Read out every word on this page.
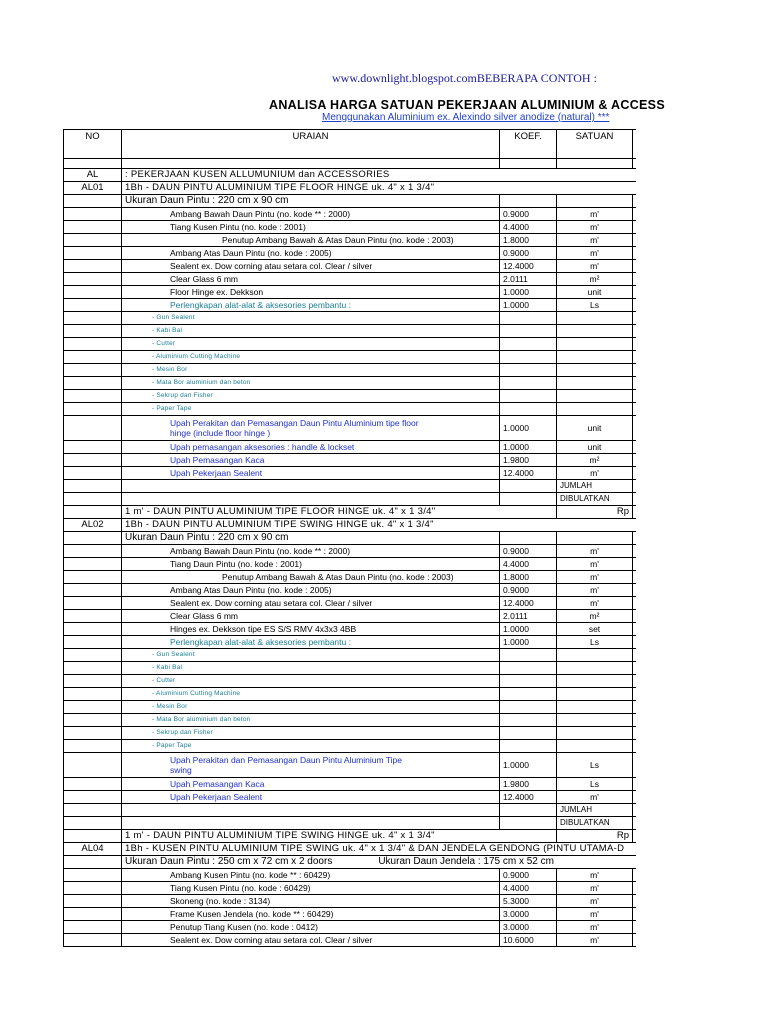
www.downlight.blogspot.comBEBERAPA CONTOH :
ANALISA HARGA SATUAN PEKERJAAN ALUMINIUM & ACCESS
Menggunakan Aluminium ex. Alexindo silver anodize (natural) ***
NO	URAIAN	KOEF.	SATUAN	

AL	: PEKERJAAN KUSEN ALLUMUNIUM dan ACCESSORIES			
AL01	1Bh - DAUN PINTU ALUMINIUM TIPE FLOOR HINGE uk. 4" x 1 3/4"			
	Ukuran Daun Pintu : 220 cm x 90 cm			
	Ambang Bawah Daun Pintu (no. kode ** : 2000)	0.9000	m'	
	Tiang Kusen Pintu (no. kode : 2001)	4.4000	m'	
	Penutup Ambang Bawah & Atas Daun Pintu (no. kode : 2003)	1.8000	m'	
	Ambang Atas Daun Pintu (no. kode : 2005)	0.9000	m'	
	Sealent ex. Dow corning atau setara col. Clear / silver	12.4000	m'	
	Clear Glass 6 mm	2.0111	m²	
	Floor Hinge ex. Dekkson	1.0000	unit	
	Perlengkapan alat-alat & aksesories pembantu :	1.0000	Ls	
	- Gun Sealent			
	- Kabi Bal			
	- Cutter			
	- Aluminium Cutting Machine			
	- Mesin Bor			
	- Mata Bor aluminium dan beton			
	- Sekrup dan Fisher			
	- Paper Tape			

	Upah Perakitan dan Pemasangan Daun Pintu Aluminium tipe floor
hinge (include floor hinge )	1.0000	unit	

	Upah pemasangan aksesories : handle & lockset	1.0000	unit	

	Upah Pemasangan Kaca	1.9800	m²	

	Upah Pekerjaan Sealent	12.4000	m'	
			JUMLAH	
			DIBULATKAN	
	1 m' - DAUN PINTU ALUMINIUM TIPE FLOOR HINGE uk. 4" x 1 3/4"		Rp	
AL02	1Bh - DAUN PINTU ALUMINIUM TIPE SWING HINGE uk. 4" x 1 3/4"			
	Ukuran Daun Pintu : 220 cm x 90 cm			
	Ambang Bawah Daun Pintu (no. kode ** : 2000)	0.9000	m'	
	Tiang Daun Pintu (no. kode : 2001)	4.4000	m'	
	Penutup Ambang Bawah & Atas Daun Pintu (no. kode : 2003)	1.8000	m'	
	Ambang Atas Daun Pintu (no. kode : 2005)	0.9000	m'	
	Sealent ex. Dow corning atau setara col. Clear / silver	12.4000	m'	
	Clear Glass 6 mm	2.0111	m²	
	Hinges ex. Dekkson tipe ES S/S RMV 4x3x3 4BB	1.0000	set	
	Perlengkapan alat-alat & aksesories pembantu :	1.0000	Ls	
	- Gun Sealent			
	- Kabi Bal			
	- Cutter			
	- Aluminium Cutting Machine			
	- Mesin Bor			
	- Mata Bor aluminium dan beton			
	- Sekrup dan Fisher			
	- Paper Tape			

	Upah Perakitan dan Pemasangan Daun Pintu Aluminium Tipe
swing	1.0000	Ls	

	Upah Pemasangan Kaca	1.9800	Ls	

	Upah Pekerjaan Sealent	12.4000	m'	
			JUMLAH	
			DIBULATKAN	
	1 m' - DAUN PINTU ALUMINIUM TIPE SWING HINGE uk. 4" x 1 3/4"		Rp	
AL04	1Bh - KUSEN PINTU ALUMINIUM TIPE SWING uk. 4" x 1 3/4" & DAN JENDELA GENDONG (PINTU UTAMA-D			
	Ukuran Daun Pintu : 250 cm x 72 cm x 2 doors Ukuran Daun Jendela : 175 cm x 52 cm			
	Ambang Kusen Pintu (no. kode ** : 60429)	0.9000	m'	
	Tiang Kusen Pintu (no. kode : 60429)	4.4000	m'	
	Skoneng (no. kode : 3134)	5.3000	m'	
	Frame Kusen Jendela (no. kode ** : 60429)	3.0000	m'	
	Penutup Tiang Kusen (no. kode : 0412)	3.0000	m'	
	Sealent ex. Dow corning atau setara col. Clear / silver	10.6000	m'	
